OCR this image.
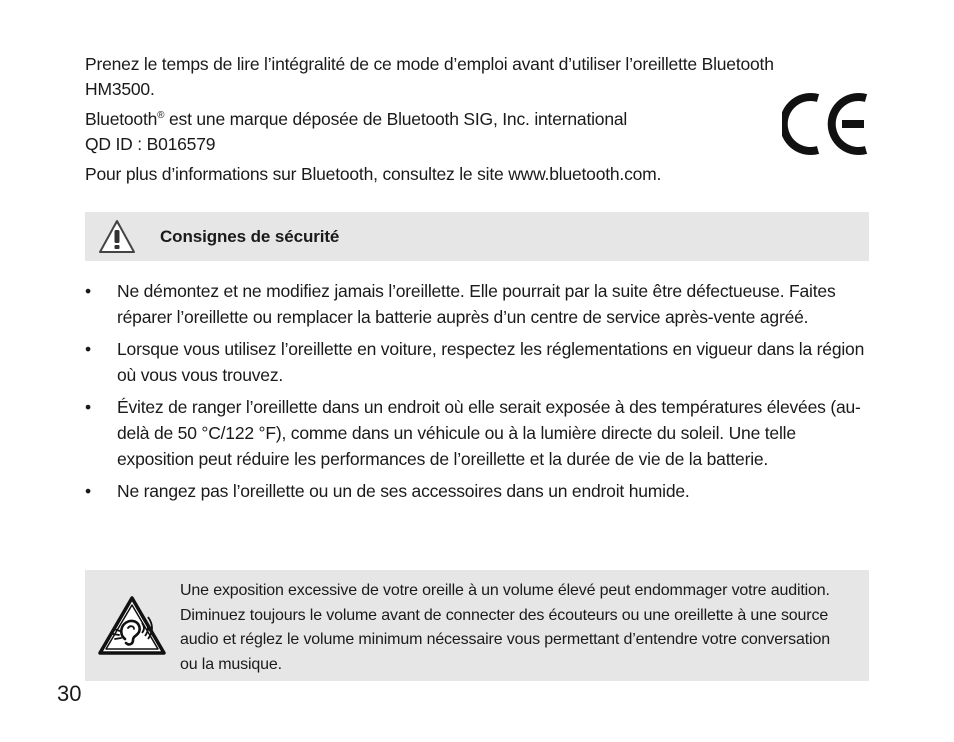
Prenez le temps de lire l’intégralité de ce mode d’emploi avant d’utiliser l’oreillette Bluetooth HM3500.

Bluetooth® est une marque déposée de Bluetooth SIG, Inc. international
QD ID : B016579

Pour plus d’informations sur Bluetooth, consultez le site www.bluetooth.com.

Consignes de sécurité
• Ne démontez et ne modifiez jamais l’oreillette. Elle pourrait par la suite être défectueuse. Faites réparer l’oreillette ou remplacer la batterie auprès d’un centre de service après-vente agréé.
• Lorsque vous utilisez l’oreillette en voiture, respectez les réglementations en vigueur dans la région où vous vous trouvez.
• Évitez de ranger l’oreillette dans un endroit où elle serait exposée à des températures élevées (au-delà de 50 °C/122 °F), comme dans un véhicule ou à la lumière directe du soleil. Une telle exposition peut réduire les performances de l’oreillette et la durée de vie de la batterie.
• Ne rangez pas l’oreillette ou un de ses accessoires dans un endroit humide.

Une exposition excessive de votre oreille à un volume élevé peut endommager votre audition. Diminuez toujours le volume avant de connecter des écouteurs ou une oreillette à une source audio et réglez le volume minimum nécessaire vous permettant d’entendre votre conversation ou la musique.

30
